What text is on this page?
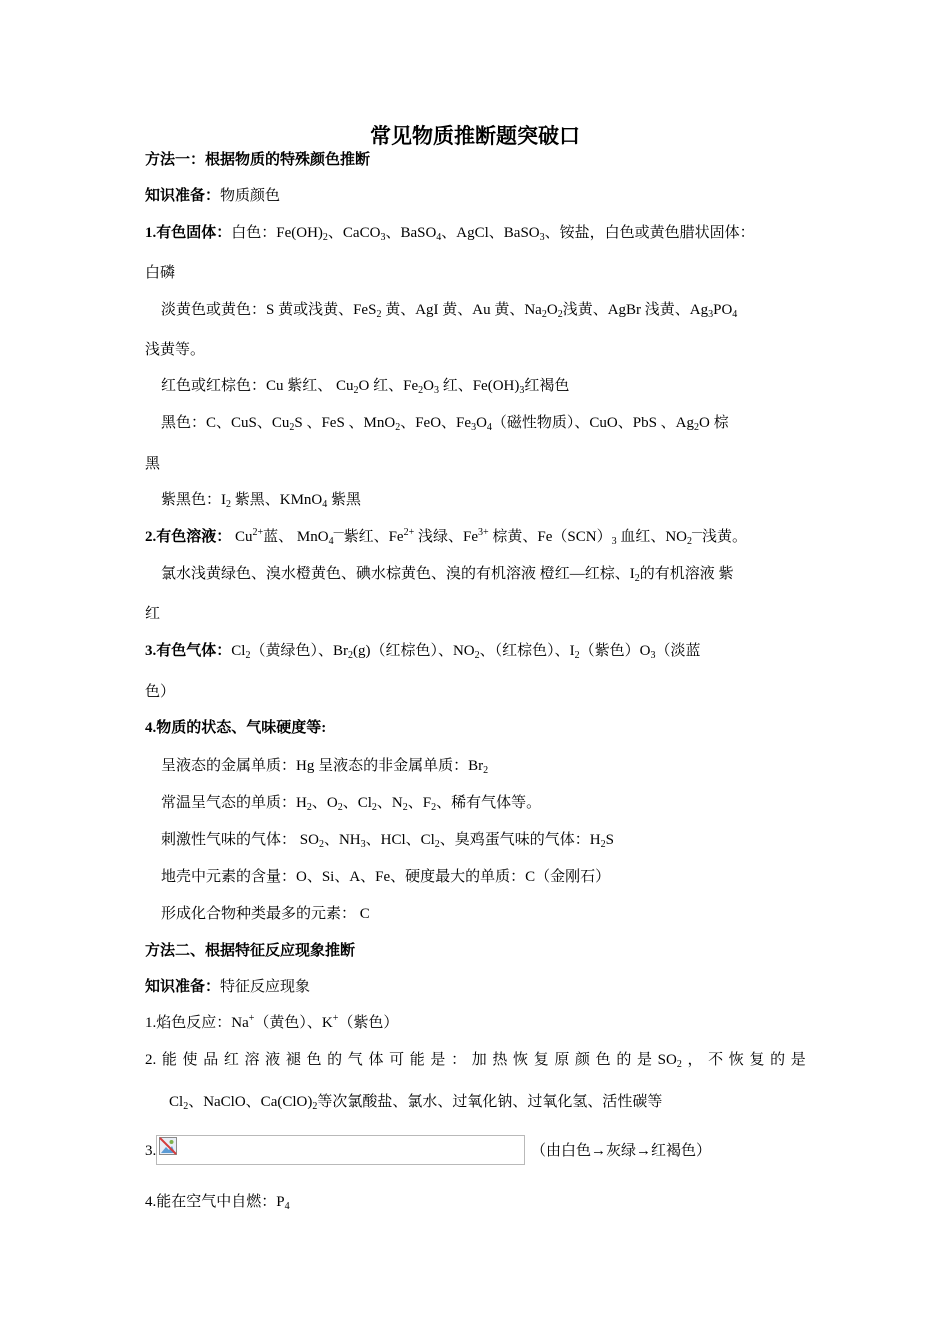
常见物质推断题突破口
方法一：根据物质的特殊颜色推断
知识准备：物质颜色
1.有色固体：白色：$Fe(OH)_2$、CaCO$_3$、BaSO$_4$、AgCl、BaSO$_3$、铵盐，白色或黄色腊状固体：
白磷
淡黄色或黄色：S 黄或浅黄、FeS$_2$ 黄、AgI 黄、Au 黄、$Na_2O_2$浅黄、AgBr 浅黄、$Ag_3PO_4$
浅黄等。
红色或红棕色：Cu 紫红、 $Cu_2O$ 红、$Fe_2O_3$ 红、$Fe(OH)_3$红褐色
黑色：C、CuS、$Cu_2S$ 、FeS 、MnO$_2$、FeO、$Fe_3O_4$（磁性物质）、CuO、PbS 、$Ag_2O$ 棕
黑
紫黑色：$I_2$ 紫黑、KMnO$_4$ 紫黑
2.有色溶液： $Cu^{2+}$蓝、 MnO$_4$—紫红、$Fe^{2+}$ 浅绿、$Fe^{3+}$ 棕黄、$Fe(SCN)_3$ 血红、$NO_2^—$浅黄。
氯水浅黄绿色、溴水橙黄色、碘水棕黄色、溴的有机溶液 橙红—红棕、$I_2$的有机溶液 紫
红
3.有色气体：$Cl_2$（黄绿色）、$Br_2(g)$（红棕色）、$NO_2$、（红棕色）、$I_2$（紫色）$O_3$（淡蓝
色）
4.物质的状态、气味硬度等:
呈液态的金属单质：Hg 呈液态的非金属单质：$Br_2$
常温呈气态的单质：$H_2$、$O_2$、$Cl_2$、$N_2$、$F_2$、稀有气体等。
刺激性气味的气体： $SO_2$、$NH_3$、HCl、$Cl_2$、臭鸡蛋气味的气体：$H_2S$
地壳中元素的含量：O、Si、A、Fe、硬度最大的单质：C（金刚石）
形成化合物种类最多的元素： C
方法二、根据特征反应现象推断
知识准备：特征反应现象
1.焰色反应：Na+（黄色）、K+（紫色）
2. 能 使 品 红 溶 液 褪 色 的 气 体 可 能 是 ： 加 热 恢 复 原 颜 色 的 是 $SO_2$ ， 不 恢 复 的 是
$Cl_2$、NaClO、$Ca(ClO)_2$等次氯酸盐、氯水、过氧化钠、过氧化氢、活性碳等
3.	（由白色→灰绿→红褐色）
4.能在空气中自燃：$P_4$
